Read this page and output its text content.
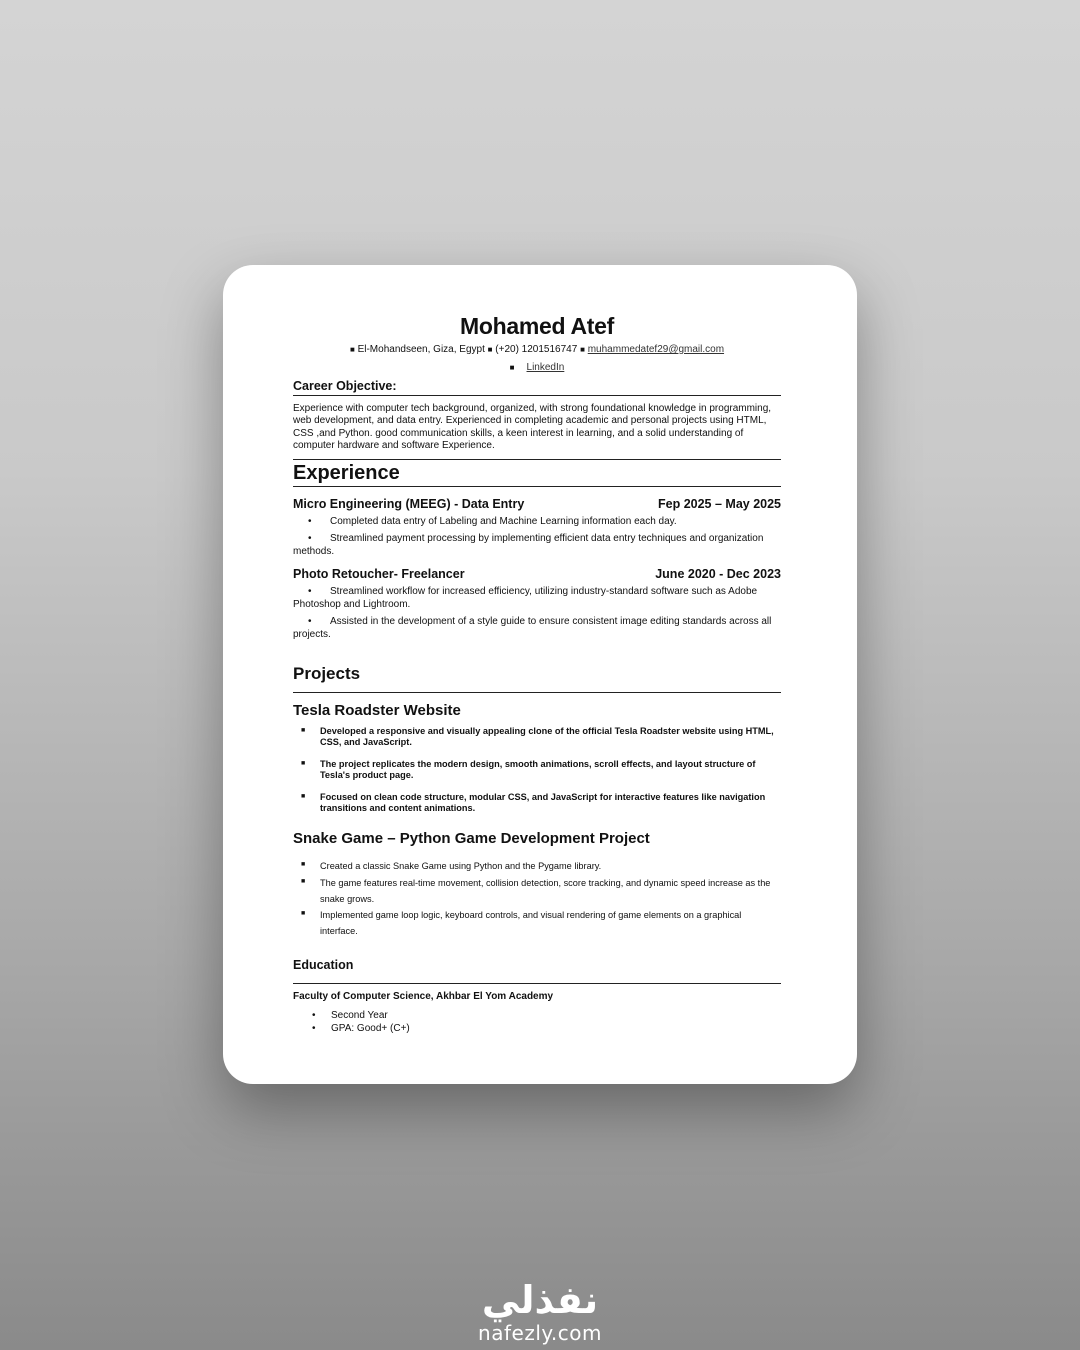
Mohamed Atef
■ El-Mohandseen, Giza, Egypt ■ (+20) 1201516747 ■ muhammedatef29@gmail.com
■ LinkedIn
Career Objective:
Experience with computer tech background, organized, with strong foundational knowledge in programming, web development, and data entry. Experienced in completing academic and personal projects using HTML, CSS ,and Python. good communication skills, a keen interest in learning, and a solid understanding of computer hardware and software Experience.
Experience
Micro Engineering (MEEG) - Data Entry	Fep 2025 – May 2025
•	Completed data entry of Labeling and Machine Learning information each day.
•	Streamlined payment processing by implementing efficient data entry techniques and organization methods.
Photo Retoucher- Freelancer	June 2020 - Dec 2023
•	Streamlined workflow for increased efficiency, utilizing industry-standard software such as Adobe Photoshop and Lightroom.
•	Assisted in the development of a style guide to ensure consistent image editing standards across all projects.
Projects
Tesla Roadster Website
■ Developed a responsive and visually appealing clone of the official Tesla Roadster website using HTML, CSS, and JavaScript.
■ The project replicates the modern design, smooth animations, scroll effects, and layout structure of Tesla's product page.
■ Focused on clean code structure, modular CSS, and JavaScript for interactive features like navigation transitions and content animations.
Snake Game – Python Game Development Project
■ Created a classic Snake Game using Python and the Pygame library.
■ The game features real-time movement, collision detection, score tracking, and dynamic speed increase as the snake grows.
■ Implemented game loop logic, keyboard controls, and visual rendering of game elements on a graphical interface.
Education
Faculty of Computer Science, Akhbar El Yom Academy
• Second Year
• GPA: Good+ (C+)
نفذلي
nafezly.com
